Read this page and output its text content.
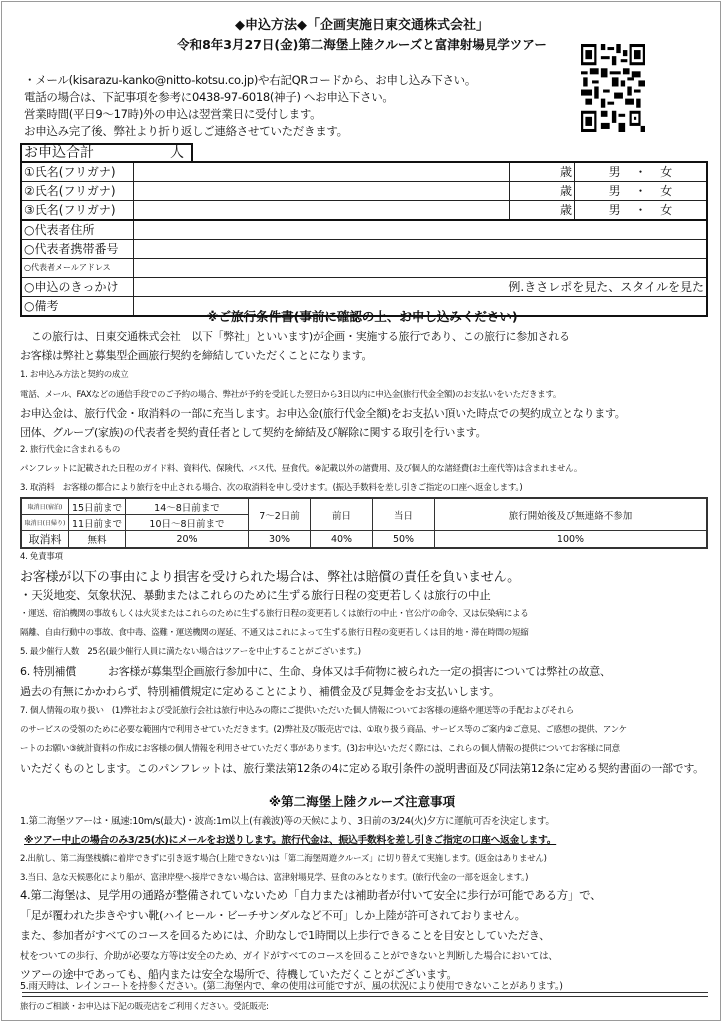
◆申込方法◆「企画実施日東交通株式会社」
令和8年3月27日(金)第二海堡上陸クルーズと富津射場見学ツアー
・メール(kisarazu-kanko@nitto-kotsu.co.jp)や右記QRコードから、お申し込み下さい。
電話の場合は、下記事項を参考に0438-97-6018(神子) へお申込下さい。
営業時間(平日9～17時)外の申込は翌営業日に受付します。
お申込み完了後、弊社より折り返しご連絡させていただきます。
お申込合計	人
①氏名(フリガナ)		歳	男 ・ 女
②氏名(フリガナ)		歳	男 ・ 女
③氏名(フリガナ)		歳	男 ・ 女
○代表者住所			
○代表者携帯番号			
○代表者メールアドレス			
○申込のきっかけ	例.きさレポを見た、スタイルを見た		
○備考			
※ご旅行条件書(事前に確認の上、お申し込みください)
　この旅行は、日東交通株式会社　以下「弊社」といいます)が企画・実施する旅行であり、この旅行に参加される
お客様は弊社と募集型企画旅行契約を締結していただくことになります。
1. お申込み方法と契約の成立
電話、メール、FAXなどの通信手段でのご予約の場合、弊社が予約を受託した翌日から3日以内に申込金(旅行代金全額)のお支払いをいただきます。
お申込金は、旅行代金・取消料の一部に充当します。お申込金(旅行代金全額)をお支払い頂いた時点での契約成立となります。
団体、グループ(家族)の代表者を契約責任者として契約を締結及び解除に関する取引を行います。
2. 旅行代金に含まれるもの
パンフレットに記載された日程のガイド料、資料代、保険代、バス代、昼食代。※記載以外の諸費用、及び個人的な諸経費(お土産代等)は含まれません。
3. 取消料　お客様の都合により旅行を中止される場合、次の取消料を申し受けます。(振込手数料を差し引きご指定の口座へ返金します。)
取消日(宿泊)	15日前まで	14～8日前まで	7～2日前	前日	当日	旅行開始後及び無連絡不参加
取消日(日帰り)	11日前まで	10日～8日前まで				
取消料	無料	20%	30%	40%	50%	100%
4. 免責事項
お客様が以下の事由により損害を受けられた場合は、弊社は賠償の責任を負いません。
・天災地変、気象状況、暴動またはこれらのために生ずる旅行日程の変更若しくは旅行の中止
・運送、宿泊機関の事故もしくは火災またはこれらのために生ずる旅行日程の変更若しくは旅行の中止・官公庁の命令、又は伝染病による
隔離、自由行動中の事故、食中毒、盗難・運送機関の遅延、不通又はこれによって生ずる旅行日程の変更若しくは目的地・滞在時間の短縮
5. 最少催行人数　25名(最少催行人員に満たない場合はツアーを中止することがございます。)
6. 特別補償　　　お客様が募集型企画旅行参加中に、生命、身体又は手荷物に被られた一定の損害については弊社の故意、
過去の有無にかかわらず、特別補償規定に定めることにより、補償金及び見舞金をお支払いします。
7. 個人情報の取り扱い　(1)弊社および受託旅行会社は旅行申込みの際にご提供いただいた個人情報についてお客様の連絡や運送等の手配およびそれら
のサービスの受領のために必要な範囲内で利用させていただきます。(2)弊社及び販売店では、①取り扱う商品、サービス等のご案内②ご意見、ご感想の提供、アンケ
ートのお願い③統計資料の作成にお客様の個人情報を利用させていただく事があります。(3)お申込いただく際には、これらの個人情報の提供についてお客様に同意
いただくものとします。このパンフレットは、旅行業法第12条の4に定める取引条件の説明書面及び同法第12条に定める契約書面の一部です。
※第二海堡上陸クルーズ注意事項
1.第二海堡ツアーは・風速:10m/s(最大)・波高:1m以上(有義波)等の天候により、3日前の3/24(火)夕方に運航可否を決定します。
※ツアー中止の場合のみ3/25(水)にメールをお送りします。旅行代金は、振込手数料を差し引きご指定の口座へ返金します。
2.出航し、第二海堡桟橋に着岸できずに引き返す場合(上陸できない)は「第二海堡周遊クルーズ」に切り替えて実施します。(返金はありません)
3.当日、急な天候悪化により船が、富津岸壁へ接岸できない場合は、富津射場見学、昼食のみとなります。(旅行代金の一部を返金します。)
4.第二海堡は、見学用の通路が整備されていないため「自力または補助者が付いて安全に歩行が可能である方」で、
「足が覆われた歩きやすい靴(ハイヒール・ビーチサンダルなど不可」しか上陸が許可されておりません。
また、参加者がすべてのコースを回るためには、介助なしで1時間以上歩行できることを目安としていただき、
杖をついての歩行、介助が必要な方等は安全のため、ガイドがすべてのコースを回ることができないと判断した場合においては、
ツアーの途中であっても、船内または安全な場所で、待機していただくことがございます。
5.雨天時は、レインコートを持参ください。(第二海堡内で、傘の使用は可能ですが、風の状況により使用できないことがあります。)
旅行のご相談・お申込は下記の販売店をご利用ください。受託販売:
